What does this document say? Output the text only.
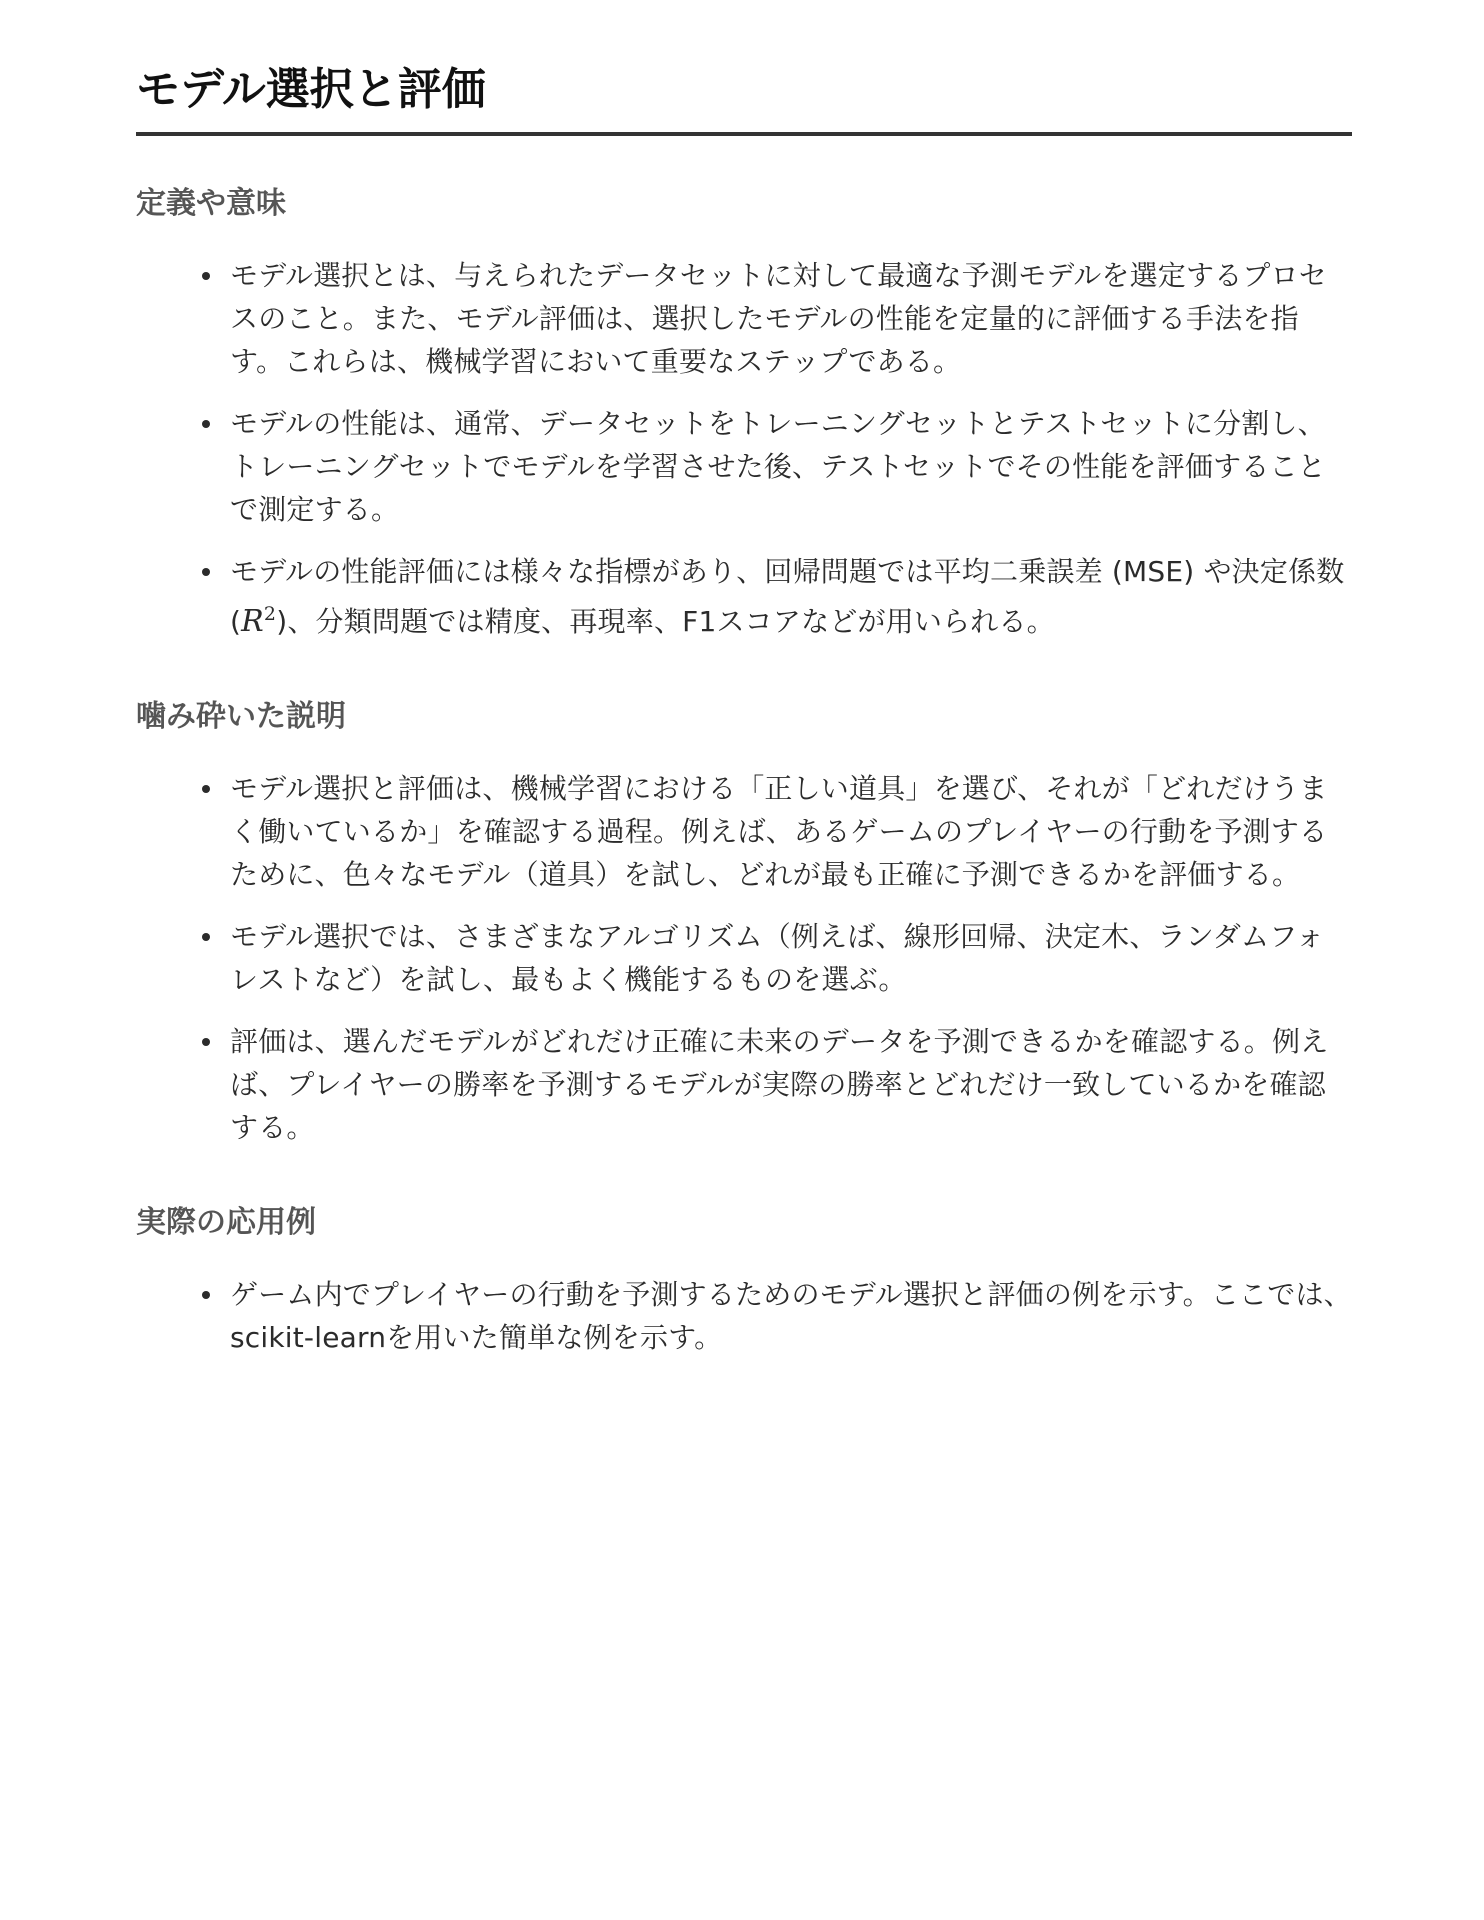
モデル選択と評価
定義や意味
モデル選択とは、与えられたデータセットに対して最適な予測モデルを選定するプロセスのこと。また、モデル評価は、選択したモデルの性能を定量的に評価する手法を指す。これらは、機械学習において重要なステップである。
モデルの性能は、通常、データセットをトレーニングセットとテストセットに分割し、トレーニングセットでモデルを学習させた後、テストセットでその性能を評価することで測定する。
モデルの性能評価には様々な指標があり、回帰問題では平均二乗誤差 (MSE) や決定係数 $(R^2)$、分類問題では精度、再現率、F1スコアなどが用いられる。
噛み砕いた説明
モデル選択と評価は、機械学習における「正しい道具」を選び、それが「どれだけうまく働いているか」を確認する過程。例えば、あるゲームのプレイヤーの行動を予測するために、色々なモデル（道具）を試し、どれが最も正確に予測できるかを評価する。
モデル選択では、さまざまなアルゴリズム（例えば、線形回帰、決定木、ランダムフォレストなど）を試し、最もよく機能するものを選ぶ。
評価は、選んだモデルがどれだけ正確に未来のデータを予測できるかを確認する。例えば、プレイヤーの勝率を予測するモデルが実際の勝率とどれだけ一致しているかを確認する。
実際の応用例
ゲーム内でプレイヤーの行動を予測するためのモデル選択と評価の例を示す。ここでは、scikit-learnを用いた簡単な例を示す。
